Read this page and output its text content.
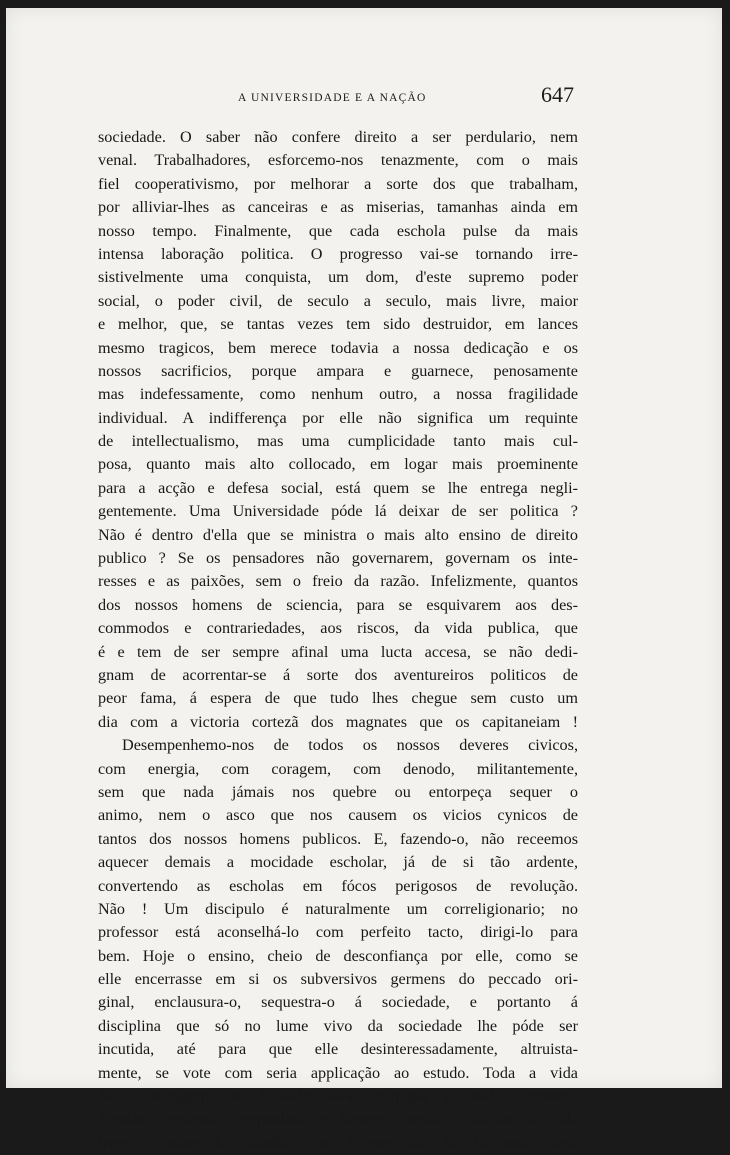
A UNIVERSIDADE E A NAÇÃO	647
sociedade. O saber não confere direito a ser perdulario, nem
venal. Trabalhadores, esforcemo-nos tenazmente, com o mais
fiel cooperativismo, por melhorar a sorte dos que trabalham,
por alliviar-lhes as canceiras e as miserias, tamanhas ainda em
nosso tempo. Finalmente, que cada eschola pulse da mais
intensa laboração politica. O progresso vai-se tornando irre-
sistivelmente uma conquista, um dom, d'este supremo poder
social, o poder civil, de seculo a seculo, mais livre, maior
e melhor, que, se tantas vezes tem sido destruidor, em lances
mesmo tragicos, bem merece todavia a nossa dedicação e os
nossos sacrificios, porque ampara e guarnece, penosamente
mas indefessamente, como nenhum outro, a nossa fragilidade
individual. A indifferença por elle não significa um requinte
de intellectualismo, mas uma cumplicidade tanto mais cul-
posa, quanto mais alto collocado, em logar mais proeminente
para a acção e defesa social, está quem se lhe entrega negli-
gentemente. Uma Universidade póde lá deixar de ser politica ?
Não é dentro d'ella que se ministra o mais alto ensino de direito
publico ? Se os pensadores não governarem, governam os inte-
resses e as paixões, sem o freio da razão. Infelizmente, quantos
dos nossos homens de sciencia, para se esquivarem aos des-
commodos e contrariedades, aos riscos, da vida publica, que
é e tem de ser sempre afinal uma lucta accesa, se não dedi-
gnam de acorrentar-se á sorte dos aventureiros politicos de
peor fama, á espera de que tudo lhes chegue sem custo um
dia com a victoria cortezã dos magnates que os capitaneiam !
Desempenhemo-nos de todos os nossos deveres civicos,
com energia, com coragem, com denodo, militantemente,
sem que nada jámais nos quebre ou entorpeça sequer o
animo, nem o asco que nos causem os vicios cynicos de
tantos dos nossos homens publicos. E, fazendo-o, não receemos
aquecer demais a mocidade escholar, já de si tão ardente,
convertendo as escholas em fócos perigosos de revolução.
Não ! Um discipulo é naturalmente um correligionario; no
professor está aconselhá-lo com perfeito tacto, dirigi-lo para
bem. Hoje o ensino, cheio de desconfiança por elle, como se
elle encerrasse em si os subversivos germens do peccado ori-
ginal, enclausura-o, sequestra-o á sociedade, e portanto á
disciplina que só no lume vivo da sociedade lhe póde ser
incutida, até para que elle desinteressadamente, altruista-
mente, se vote com seria applicação ao estudo. Toda a vida
de libertinagem lhe é dado levar: estragar a saude, contrahir
dividas, requestar empenhos e favores, seduzir. Iniciar a vida
livre e nobre de cidadão, isso é que não. Se tal ousa, des-
